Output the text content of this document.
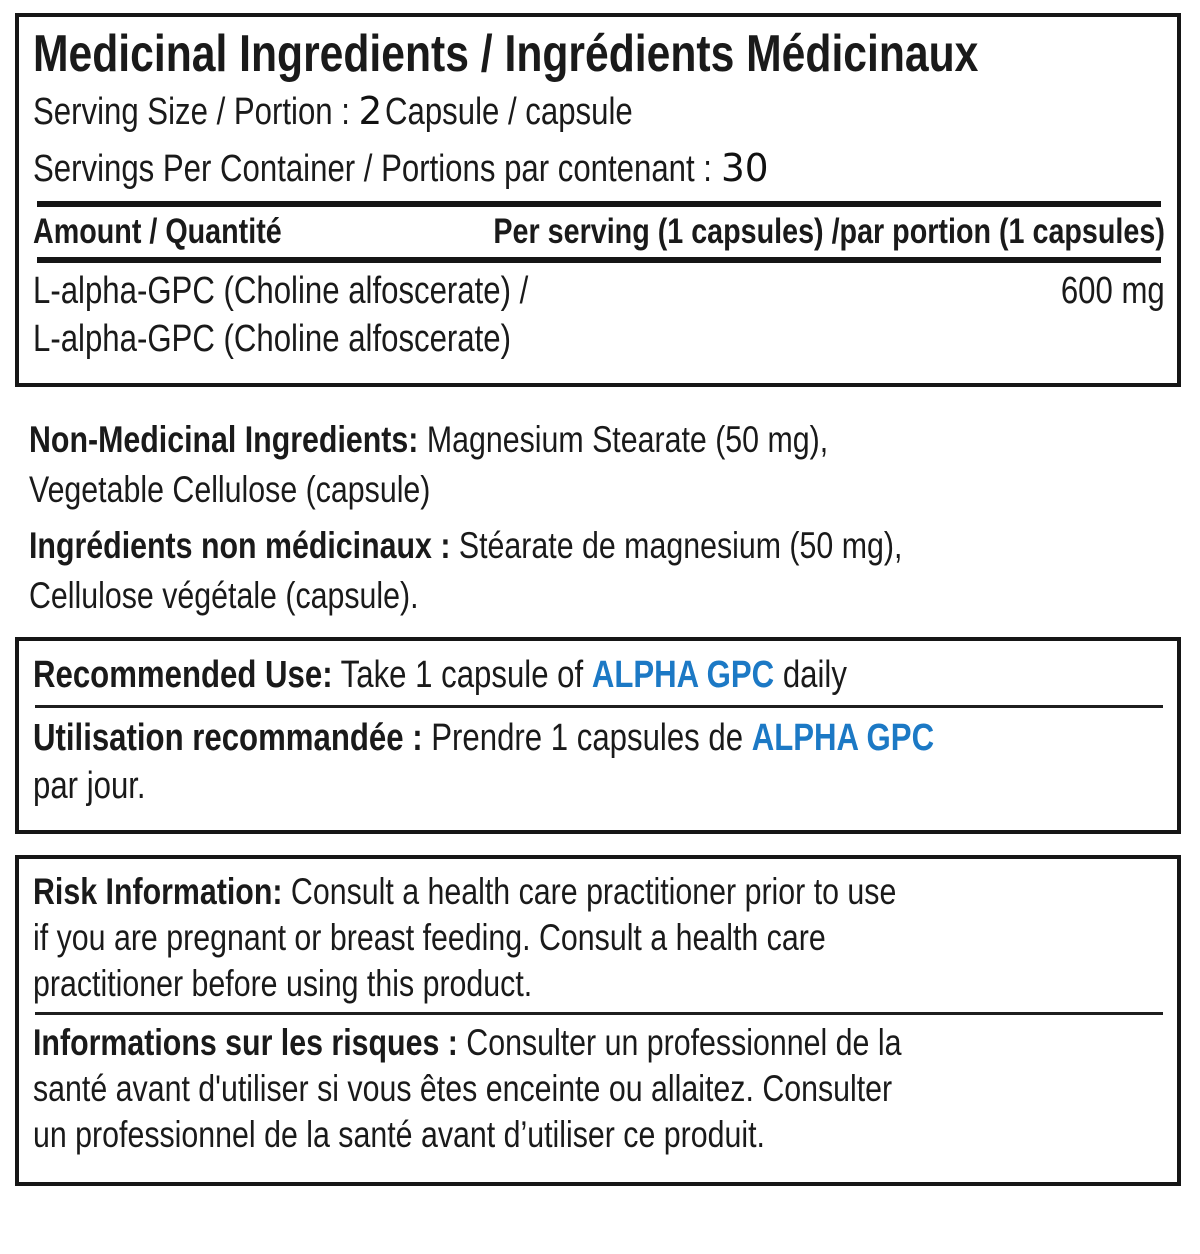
Medicinal Ingredients / Ingrédients Médicinaux
Serving Size / Portion : 2Capsule / capsule
Servings Per Container / Portions par contenant : 30
Amount / Quantité	Per serving (1 capsules) /par portion (1 capsules)
L-alpha-GPC (Choline alfoscerate) /	600 mg
L-alpha-GPC (Choline alfoscerate)
Non-Medicinal Ingredients: Magnesium Stearate (50 mg),
Vegetable Cellulose (capsule)
Ingrédients non médicinaux : Stéarate de magnesium (50 mg),
Cellulose végétale (capsule).
Recommended Use: Take 1 capsule of ALPHA GPC daily
Utilisation recommandée : Prendre 1 capsules de ALPHA GPC
par jour.
Risk Information: Consult a health care practitioner prior to use
if you are pregnant or breast feeding. Consult a health care
practitioner before using this product.
Informations sur les risques : Consulter un professionnel de la
santé avant d'utiliser si vous êtes enceinte ou allaitez. Consulter
un professionnel de la santé avant d’utiliser ce produit.
